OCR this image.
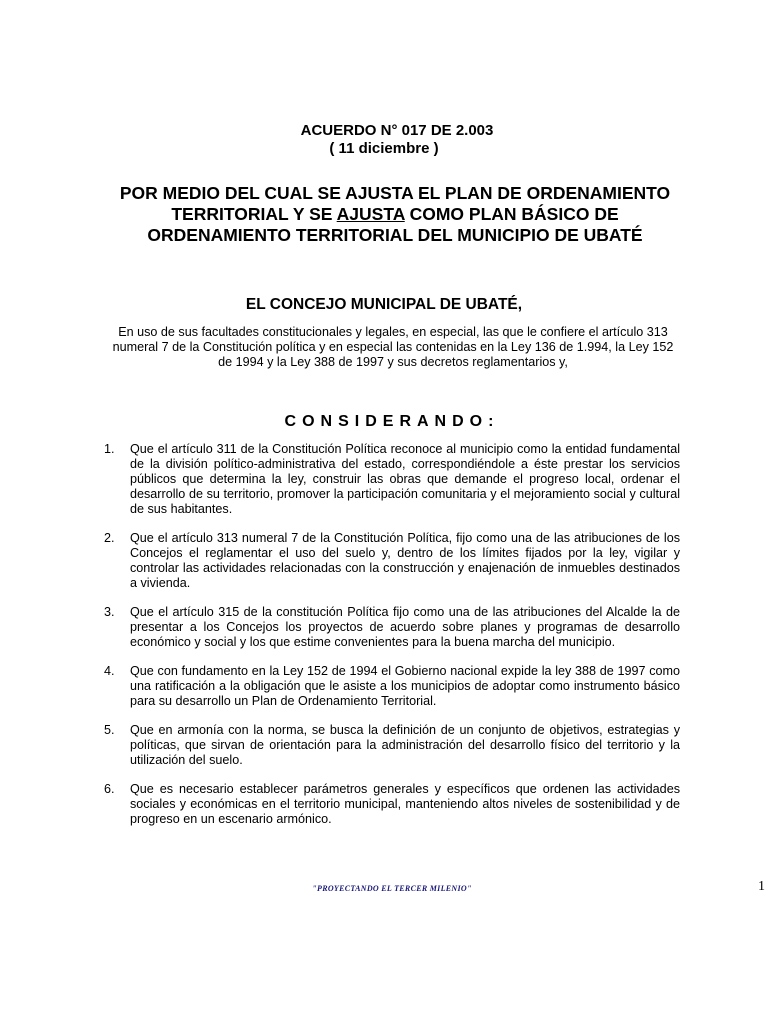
ACUERDO N° 017 DE 2.003
( 11 diciembre )
POR MEDIO DEL CUAL SE AJUSTA EL PLAN DE ORDENAMIENTO TERRITORIAL Y SE AJUSTA COMO PLAN BÁSICO DE ORDENAMIENTO TERRITORIAL DEL MUNICIPIO DE UBATÉ
EL CONCEJO MUNICIPAL DE UBATÉ,
En uso de sus facultades constitucionales y legales, en especial, las que le confiere el artículo 313 numeral 7 de la Constitución política y en especial las contenidas en la Ley 136 de 1.994, la Ley 152 de 1994 y la Ley 388 de 1997 y sus decretos reglamentarios y,
CONSIDERANDO:
1.	Que el artículo 311 de la Constitución Política reconoce al municipio como la entidad fundamental de la división político-administrativa del estado, correspondiéndole a éste prestar los servicios públicos que determina la ley, construir las obras que demande el progreso local, ordenar el desarrollo de su territorio, promover la participación comunitaria y el mejoramiento social y cultural de sus habitantes.
2.	Que el artículo 313 numeral 7 de la Constitución Política, fijo como una de las atribuciones de los Concejos el reglamentar el uso del suelo y, dentro de los límites fijados por la ley, vigilar y controlar las actividades relacionadas con la construcción y enajenación de inmuebles destinados a vivienda.
3.	Que el artículo 315 de la constitución Política fijo como una de las atribuciones del Alcalde la de presentar a los Concejos los proyectos de acuerdo sobre planes y programas de desarrollo económico y social y los que estime convenientes para la buena marcha del municipio.
4.	Que con fundamento en la Ley 152 de 1994 el Gobierno nacional expide la ley 388 de 1997 como una ratificación a la obligación que le asiste a los municipios de adoptar como instrumento básico para su desarrollo un Plan de Ordenamiento Territorial.
5.	Que en armonía con la norma, se busca la definición de un conjunto de objetivos, estrategias y políticas, que sirvan de orientación para la administración del desarrollo físico del territorio y la utilización del suelo.
6.	Que es necesario establecer parámetros generales y específicos que ordenen las actividades sociales y económicas en el territorio municipal, manteniendo altos niveles de sostenibilidad y de progreso en un escenario armónico.
"PROYECTANDO EL TERCER MILENIO"	1
